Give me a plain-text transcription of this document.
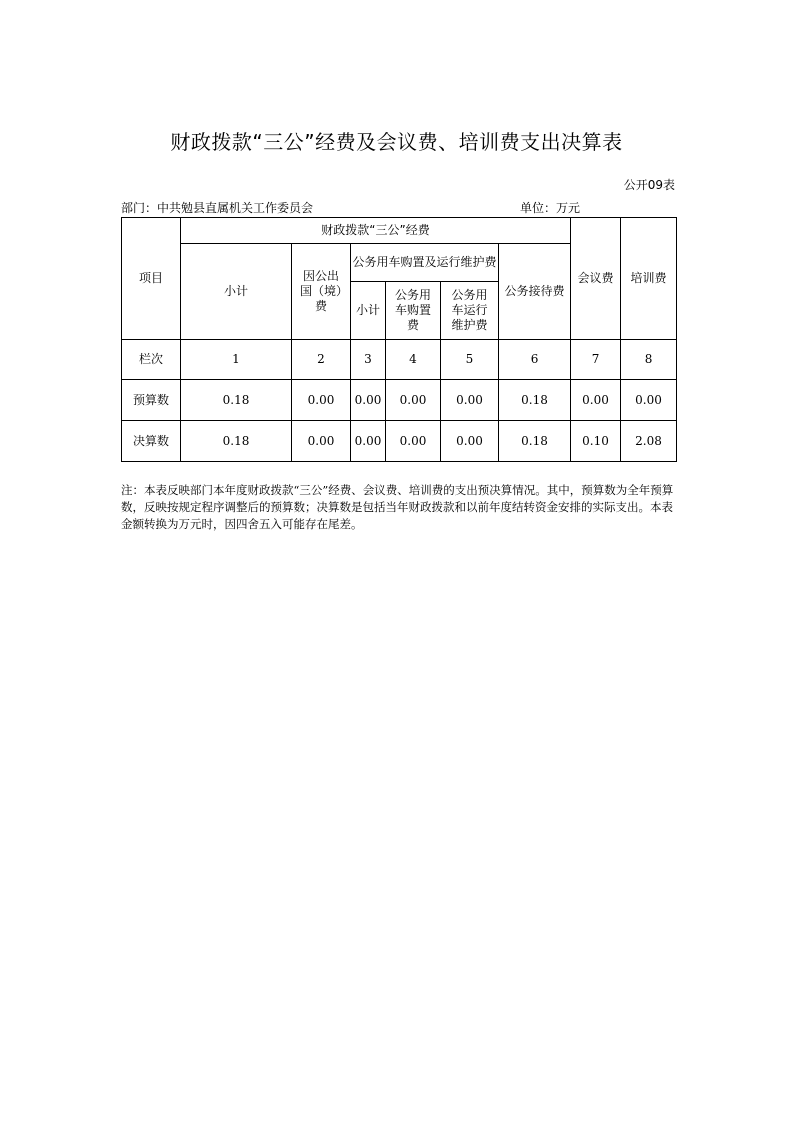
财政拨款“三公”经费及会议费、培训费支出决算表
公开09表
部门：中共勉县直属机关工作委员会	单位：万元
项目	财政拨款“三公”经费						会议费	培训费
	小计	因公出国（境）费	公务用车购置及运行维护费			公务接待费		
			小计	公务用车购置费	公务用车运行维护费			
栏次	1	2	3	4	5	6	7	8
预算数	0.18	0.00	0.00	0.00	0.00	0.18	0.00	0.00
决算数	0.18	0.00	0.00	0.00	0.00	0.18	0.10	2.08
注：本表反映部门本年度财政拨款“三公”经费、会议费、培训费的支出预决算情况。其中，预算数为全年预算数，反映按规定程序调整后的预算数；决算数是包括当年财政拨款和以前年度结转资金安排的实际支出。本表金额转换为万元时，因四舍五入可能存在尾差。
